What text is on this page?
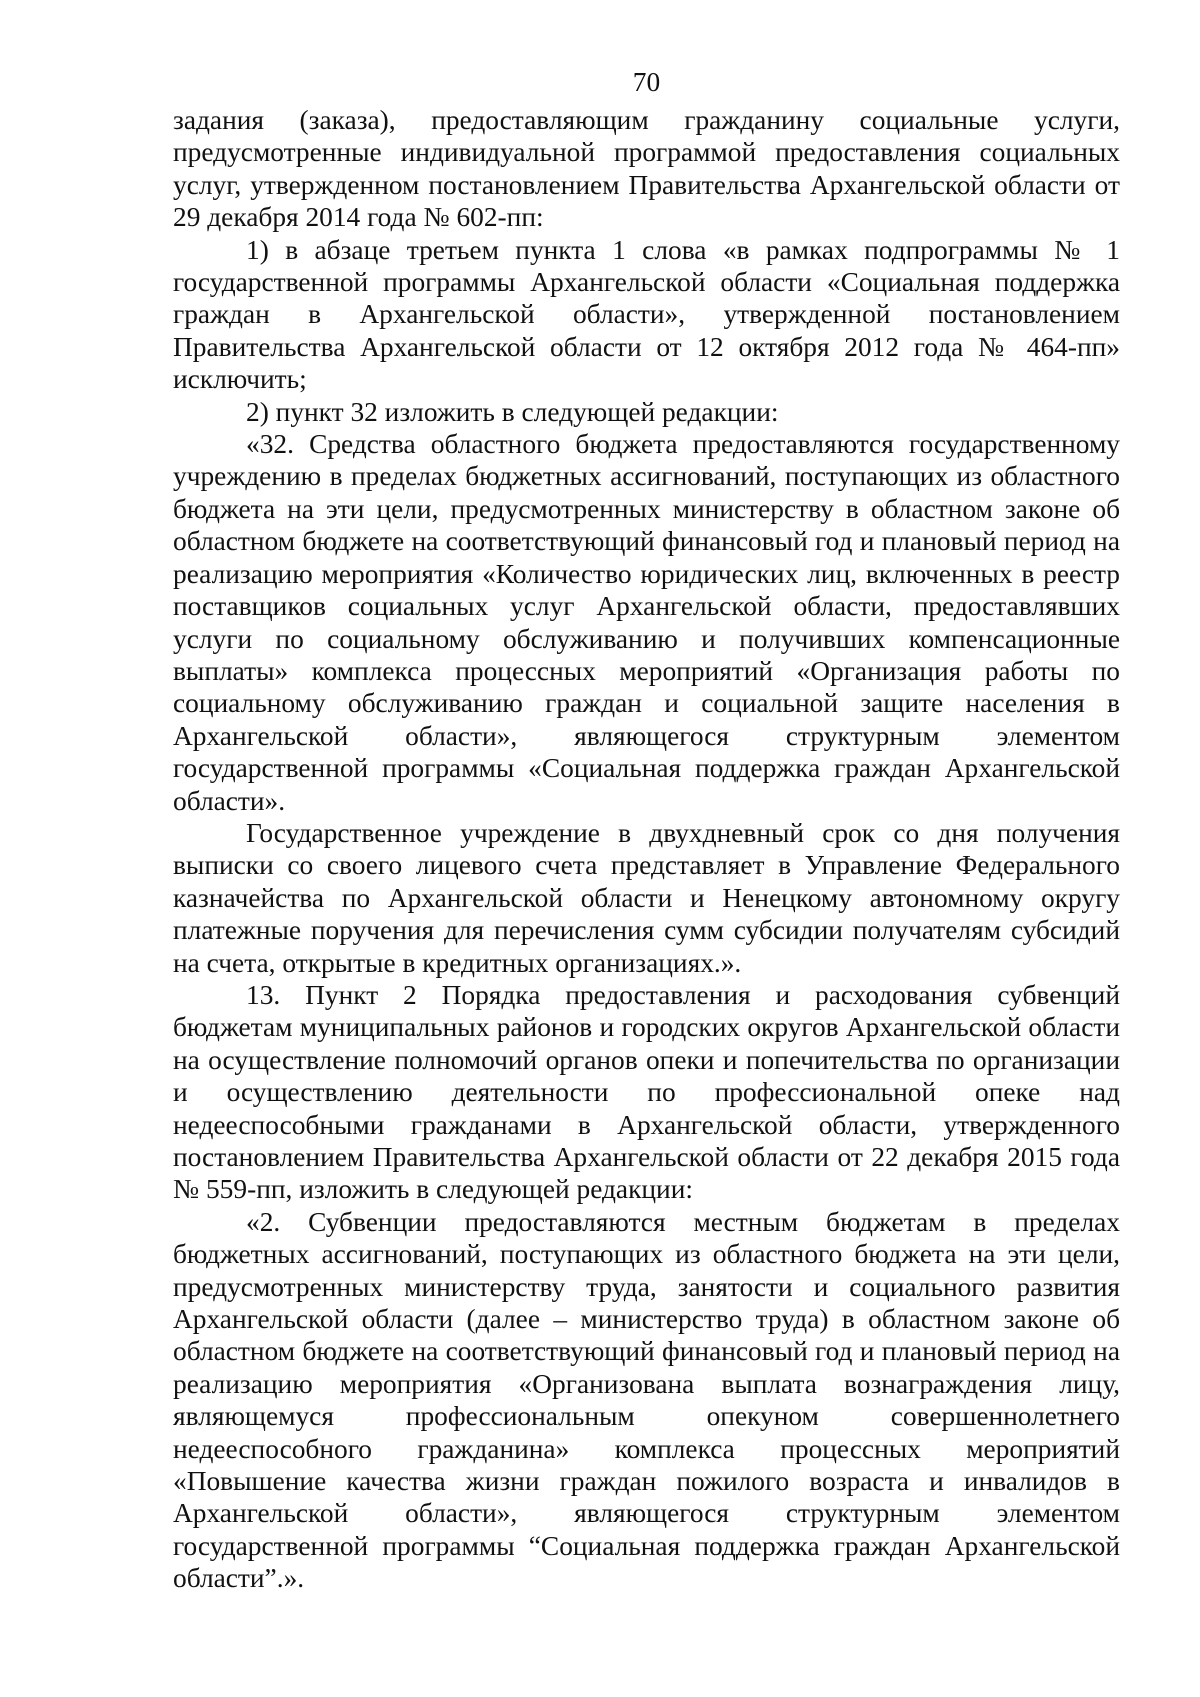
70

задания (заказа), предоставляющим гражданину социальные услуги, предусмотренные индивидуальной программой предоставления социальных услуг, утвержденном постановлением Правительства Архангельской области от 29 декабря 2014 года № 602-пп:

1) в абзаце третьем пункта 1 слова «в рамках подпрограммы № 1 государственной программы Архангельской области «Социальная поддержка граждан в Архангельской области», утвержденной постановлением Правительства Архангельской области от 12 октября 2012 года № 464-пп» исключить;

2) пункт 32 изложить в следующей редакции:

«32. Средства областного бюджета предоставляются государственному учреждению в пределах бюджетных ассигнований, поступающих из областного бюджета на эти цели, предусмотренных министерству в областном законе об областном бюджете на соответствующий финансовый год и плановый период на реализацию мероприятия «Количество юридических лиц, включенных в реестр поставщиков социальных услуг Архангельской области, предоставлявших услуги по социальному обслуживанию и получивших компенсационные выплаты» комплекса процессных мероприятий «Организация работы по социальному обслуживанию граждан и социальной защите населения в Архангельской области», являющегося структурным элементом государственной программы «Социальная поддержка граждан Архангельской области».

Государственное учреждение в двухдневный срок со дня получения выписки со своего лицевого счета представляет в Управление Федерального казначейства по Архангельской области и Ненецкому автономному округу платежные поручения для перечисления сумм субсидии получателям субсидий на счета, открытые в кредитных организациях.».

13. Пункт 2 Порядка предоставления и расходования субвенций бюджетам муниципальных районов и городских округов Архангельской области на осуществление полномочий органов опеки и попечительства по организации и осуществлению деятельности по профессиональной опеке над недееспособными гражданами в Архангельской области, утвержденного постановлением Правительства Архангельской области от 22 декабря 2015 года № 559-пп, изложить в следующей редакции:

«2. Субвенции предоставляются местным бюджетам в пределах бюджетных ассигнований, поступающих из областного бюджета на эти цели, предусмотренных министерству труда, занятости и социального развития Архангельской области (далее – министерство труда) в областном законе об областном бюджете на соответствующий финансовый год и плановый период на реализацию мероприятия «Организована выплата вознаграждения лицу, являющемуся профессиональным опекуном совершеннолетнего недееспособного гражданина» комплекса процессных мероприятий «Повышение качества жизни граждан пожилого возраста и инвалидов в Архангельской области», являющегося структурным элементом государственной программы “Социальная поддержка граждан Архангельской области”.».
